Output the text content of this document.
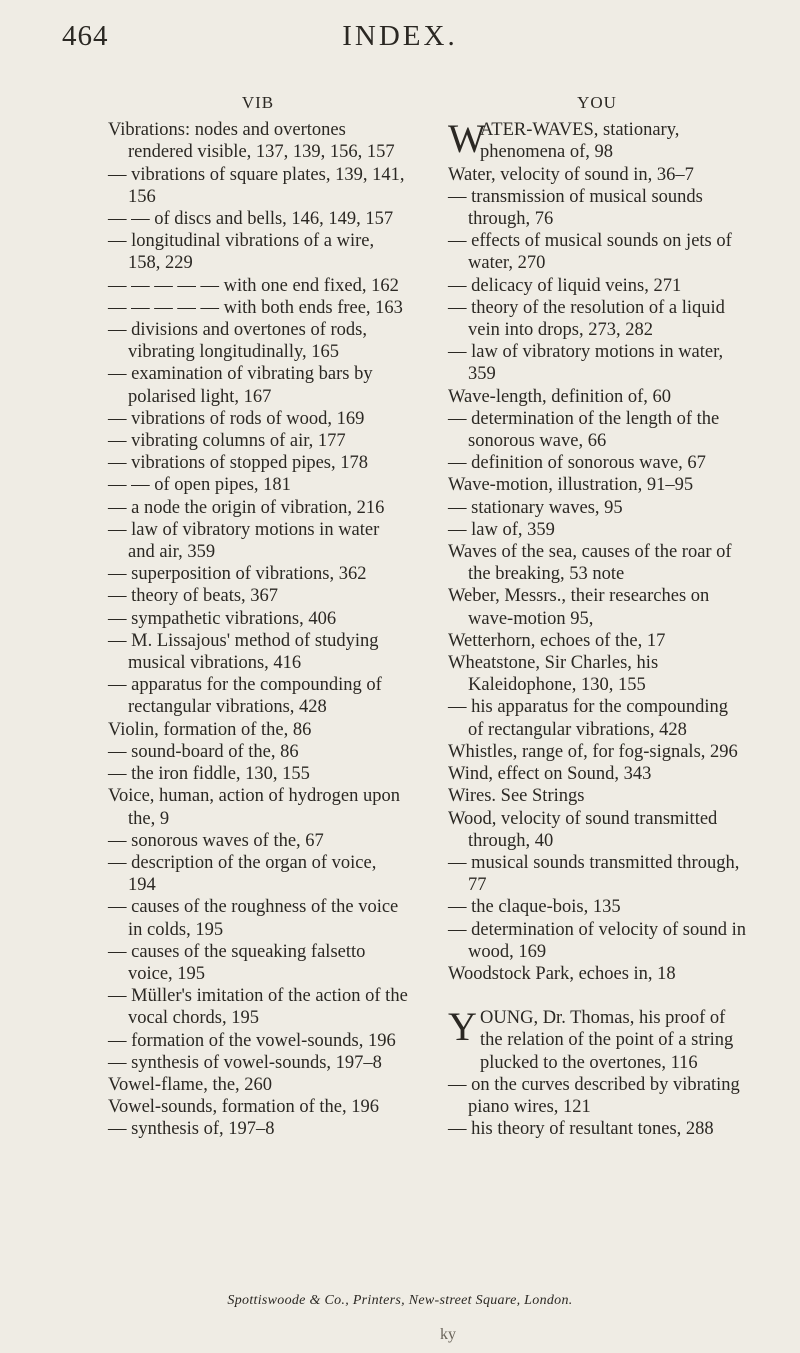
464	INDEX.
VIB

Vibrations: nodes and overtones rendered visible, 137, 139, 156, 157

— vibrations of square plates, 139, 141, 156

— — of discs and bells, 146, 149, 157

— longitudinal vibrations of a wire, 158, 229

— — — — — with one end fixed, 162

— — — — — with both ends free, 163

— divisions and overtones of rods, vibrating longitudinally, 165

— examination of vibrating bars by polarised light, 167

— vibrations of rods of wood, 169

— vibrating columns of air, 177

— vibrations of stopped pipes, 178

— — of open pipes, 181

— a node the origin of vibration, 216

— law of vibratory motions in water and air, 359

— superposition of vibrations, 362

— theory of beats, 367

— sympathetic vibrations, 406

— M. Lissajous' method of studying musical vibrations, 416

— apparatus for the compounding of rectangular vibrations, 428

Violin, formation of the, 86

— sound-board of the, 86

— the iron fiddle, 130, 155

Voice, human, action of hydrogen upon the, 9

— sonorous waves of the, 67

— description of the organ of voice, 194

— causes of the roughness of the voice in colds, 195

— causes of the squeaking falsetto voice, 195

— Müller's imitation of the action of the vocal chords, 195

— formation of the vowel-sounds, 196

— synthesis of vowel-sounds, 197–8

Vowel-flame, the, 260

Vowel-sounds, formation of the, 196

— synthesis of, 197–8

YOU

W
ATER-WAVES, stationary, phenomena of, 98

Water, velocity of sound in, 36–7

— transmission of musical sounds through, 76

— effects of musical sounds on jets of water, 270

— delicacy of liquid veins, 271

— theory of the resolution of a liquid vein into drops, 273, 282

— law of vibratory motions in water, 359

Wave-length, definition of, 60

— determination of the length of the sonorous wave, 66

— definition of sonorous wave, 67

Wave-motion, illustration, 91–95

— stationary waves, 95

— law of, 359

Waves of the sea, causes of the roar of the breaking, 53 note

Weber, Messrs., their researches on wave-motion 95,

Wetterhorn, echoes of the, 17

Wheatstone, Sir Charles, his Kaleidophone, 130, 155

— his apparatus for the compounding of rectangular vibrations, 428

Whistles, range of, for fog-signals, 296

Wind, effect on Sound, 343

Wires. See Strings

Wood, velocity of sound transmitted through, 40

— musical sounds transmitted through, 77

— the claque-bois, 135

— determination of velocity of sound in wood, 169

Woodstock Park, echoes in, 18

Y OUNG, Dr. Thomas, his proof of the relation of the point of a string plucked to the overtones, 116

— on the curves described by vibrating piano wires, 121

— his theory of resultant tones, 288

Spottiswoode & Co., Printers, New-street Square, London.
ky
